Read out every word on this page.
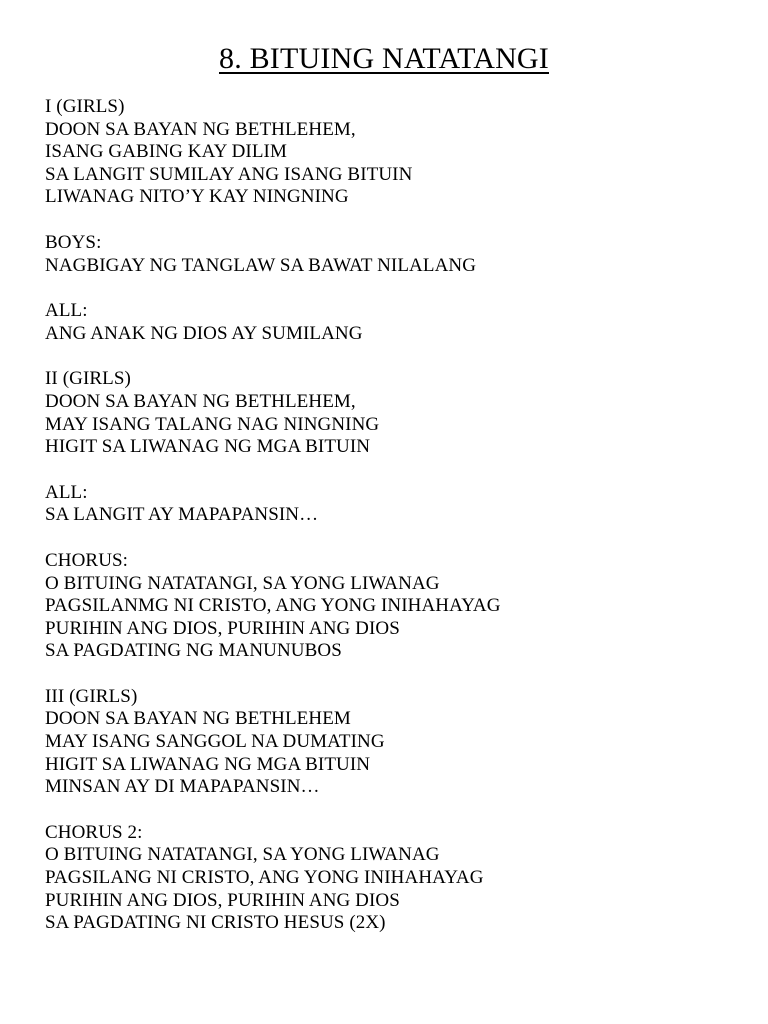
8. BITUING NATATANGI
I (GIRLS)
DOON SA BAYAN NG BETHLEHEM,
ISANG GABING KAY DILIM
SA LANGIT SUMILAY ANG ISANG BITUIN
LIWANAG NITO’Y KAY NINGNING
BOYS:
NAGBIGAY NG TANGLAW SA BAWAT NILALANG
ALL:
ANG ANAK NG DIOS AY SUMILANG
II (GIRLS)
DOON SA BAYAN NG BETHLEHEM,
MAY ISANG TALANG NAG NINGNING
HIGIT SA LIWANAG NG MGA BITUIN
ALL:
SA LANGIT AY MAPAPANSIN…
CHORUS:
O BITUING NATATANGI, SA YONG LIWANAG
PAGSILANMG NI CRISTO, ANG YONG INIHAHAYAG
PURIHIN ANG DIOS, PURIHIN ANG DIOS
SA PAGDATING NG MANUNUBOS
III (GIRLS)
DOON SA BAYAN NG BETHLEHEM
MAY ISANG SANGGOL NA DUMATING
HIGIT SA LIWANAG NG MGA BITUIN
MINSAN AY DI MAPAPANSIN…
CHORUS 2:
O BITUING NATATANGI, SA YONG LIWANAG
PAGSILANG NI CRISTO, ANG YONG INIHAHAYAG
PURIHIN ANG DIOS, PURIHIN ANG DIOS
SA PAGDATING NI CRISTO HESUS (2X)
